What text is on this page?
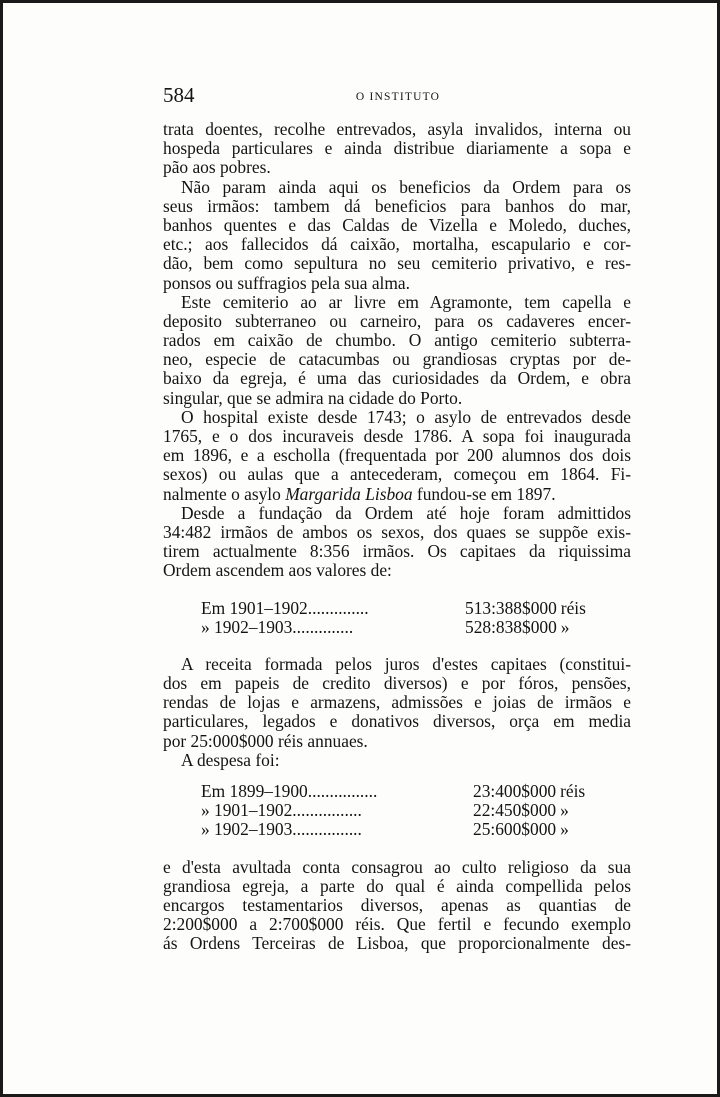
584	O INSTITUTO
trata doentes, recolhe entrevados, asyla invalidos, interna ou
hospeda particulares e ainda distribue diariamente a sopa e
pão aos pobres.
Não param ainda aqui os beneficios da Ordem para os
seus irmãos: tambem dá beneficios para banhos do mar,
banhos quentes e das Caldas de Vizella e Moledo, duches,
etc.; aos fallecidos dá caixão, mortalha, escapulario e cor-
dão, bem como sepultura no seu cemiterio privativo, e res-
ponsos ou suffragios pela sua alma.
Este cemiterio ao ar livre em Agramonte, tem capella e
deposito subterraneo ou carneiro, para os cadaveres encer-
rados em caixão de chumbo. O antigo cemiterio subterra-
neo, especie de catacumbas ou grandiosas cryptas por de-
baixo da egreja, é uma das curiosidades da Ordem, e obra
singular, que se admira na cidade do Porto.
O hospital existe desde 1743; o asylo de entrevados desde
1765, e o dos incuraveis desde 1786. A sopa foi inaugurada
em 1896, e a escholla (frequentada por 200 alumnos dos dois
sexos) ou aulas que a antecederam, começou em 1864. Fi-
nalmente o asylo Margarida Lisboa fundou-se em 1897.
Desde a fundação da Ordem até hoje foram admittidos
34:482 irmãos de ambos os sexos, dos quaes se suppõe exis-
tirem actualmente 8:356 irmãos. Os capitaes da riquissima
Ordem ascendem aos valores de:
Em 1901–1902..............	513:388$000 réis
» 1902–1903..............	528:838$000 »
A receita formada pelos juros d'estes capitaes (constitui-
dos em papeis de credito diversos) e por fóros, pensões,
rendas de lojas e armazens, admissões e joias de irmãos e
particulares, legados e donativos diversos, orça em media
por 25:000$000 réis annuaes.
A despesa foi:
Em 1899–1900................	23:400$000 réis
» 1901–1902................	22:450$000 »
» 1902–1903................	25:600$000 »
e d'esta avultada conta consagrou ao culto religioso da sua
grandiosa egreja, a parte do qual é ainda compellida pelos
encargos testamentarios diversos, apenas as quantias de
2:200$000 a 2:700$000 réis. Que fertil e fecundo exemplo
ás Ordens Terceiras de Lisboa, que proporcionalmente des-
